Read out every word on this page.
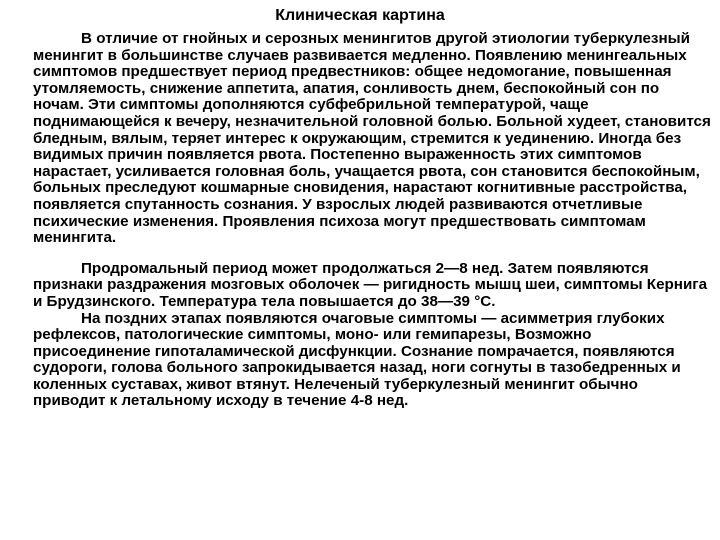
Клиническая картина

В отличие от гнойных и серозных менингитов другой этиологии туберкулезный менингит в большинстве случаев развивается медленно. Появлению менингеальных симптомов предшествует период предвестников: общее недомогание, повышенная утомляемость, снижение аппетита, апатия, сонливость днем, беспокойный сон по ночам. Эти симптомы дополняются субфебрильной температурой, чаще поднимающейся к вечеру, незначительной головной болью. Больной худеет, становится бледным, вялым, теряет интерес к окружающим, стремится к уединению. Иногда без видимых причин появляется рвота. Постепенно выраженность этих симптомов нарастает, усиливается головная боль, учащается рвота, сон становится беспокойным, больных преследуют кошмарные сновидения, нарастают когнитивные расстройства, появляется спутанность сознания. У взрослых людей развиваются отчетливые психические изменения. Проявления психоза могут предшествовать симптомам менингита.

Продромальный период может продолжаться 2—8 нед. Затем появляются признаки раздражения мозговых оболочек — ригидность мышц шеи, симптомы Кернига и Брудзинского. Температура тела повышается до 38—39 °С.

На поздних этапах появляются очаговые симптомы — асимметрия глубоких рефлексов, патологические симптомы, моно- или гемипарезы, Возможно присоединение гипоталамической дисфункции. Сознание помрачается, появляются судороги, голова больного запрокидывается назад, ноги согнуты в тазобедренных и коленных суставах, живот втянут. Нелеченый туберкулезный менингит обычно приводит к летальному исходу в течение 4-8 нед.
